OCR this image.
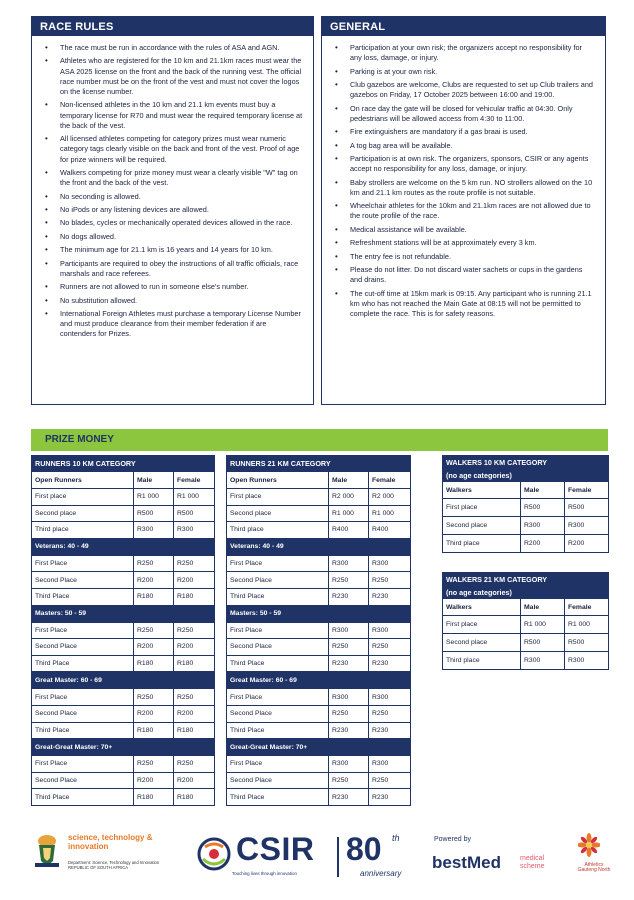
RACE RULES
• The race must be run in accordance with the rules of ASA and AGN.
• Athletes who are registered for the 10 km and 21.1km races must wear the ASA 2025 license on the front and the back of the running vest. The official race number must be on the front of the vest and must not cover the logos on the license number.
• Non-licensed athletes in the 10 km and 21.1 km events must buy a temporary license for R70 and must wear the required temporary license at the back of the vest.
• All licensed athletes competing for category prizes must wear numeric category tags clearly visible on the back and front of the vest. Proof of age for prize winners will be required.
• Walkers competing for prize money must wear a clearly visible "W" tag on the front and the back of the vest.
• No seconding is allowed.
• No iPods or any listening devices are allowed.
• No blades, cycles or mechanically operated devices allowed in the race.
• No dogs allowed.
• The minimum age for 21.1 km is 16 years and 14 years for 10 km.
• Participants are required to obey the instructions of all traffic officials, race marshals and race referees.
• Runners are not allowed to run in someone else's number.
• No substitution allowed.
• International Foreign Athletes must purchase a temporary License Number and must produce clearance from their member federation if are contenders for Prizes.
GENERAL
• Participation at your own risk; the organizers accept no responsibility for any loss, damage, or injury.
• Parking is at your own risk.
• Club gazebos are welcome, Clubs are requested to set up Club trailers and gazebos on Friday, 17 October 2025 between 16:00 and 19:00.
• On race day the gate will be closed for vehicular traffic at 04:30. Only pedestrians will be allowed access from 4:30 to 11:00.
• Fire extinguishers are mandatory if a gas braai is used.
• A tog bag area will be available.
• Participation is at own risk. The organizers, sponsors, CSIR or any agents accept no responsibility for any loss, damage, or injury.
• Baby strollers are welcome on the 5 km run. NO strollers allowed on the 10 km and 21.1 km routes as the route profile is not suitable.
• Wheelchair athletes for the 10km and 21.1km races are not allowed due to the route profile of the race.
• Medical assistance will be available.
• Refreshment stations will be at approximately every 3 km.
• The entry fee is not refundable.
• Please do not litter. Do not discard water sachets or cups in the gardens and drains.
• The cut-off time at 15km mark is 09:15. Any participant who is running 21.1 km who has not reached the Main Gate at 08:15 will not be permitted to complete the race. This is for safety reasons.
PRIZE MONEY
RUNNERS 10 KM CATEGORY		
Open Runners	Male	Female
First place	R1 000	R1 000
Second place	R500	R500
Third place	R300	R300
Veterans: 40 - 49		
First Place	R250	R250
Second Place	R200	R200
Third Place	R180	R180
Masters: 50 - 59		
First Place	R250	R250
Second Place	R200	R200
Third Place	R180	R180
Great Master: 60 - 69		
First Place	R250	R250
Second Place	R200	R200
Third Place	R180	R180
Great-Great Master: 70+		
First Place	R250	R250
Second Place	R200	R200
Third Place	R180	R180
RUNNERS 21 KM CATEGORY		
Open Runners	Male	Female
First place	R2 000	R2 000
Second place	R1 000	R1 000
Third place	R400	R400
Veterans: 40 - 49		
First Place	R300	R300
Second Place	R250	R250
Third Place	R230	R230
Masters: 50 - 59		
First Place	R300	R300
Second Place	R250	R250
Third Place	R230	R230
Great Master: 60 - 69		
First Place	R300	R300
Second Place	R250	R250
Third Place	R230	R230
Great-Great Master: 70+		
First Place	R300	R300
Second Place	R250	R250
Third Place	R230	R230
WALKERS 10 KM CATEGORY		
(no age categories)		
Walkers	Male	Female
First place	R500	R500
Second place	R300	R300
Third place	R200	R200
WALKERS 21 KM CATEGORY		
(no age categories)		
Walkers	Male	Female
First place	R1 000	R1 000
Second place	R500	R500
Third place	R300	R300
science, technology & innovation
Department: Science, Technology and Innovation REPUBLIC OF SOUTH AFRICA
CSIR
Touching lives through innovation
80 th
anniversary
Powered by
bestMed	medical scheme	Athletics Gauteng North
